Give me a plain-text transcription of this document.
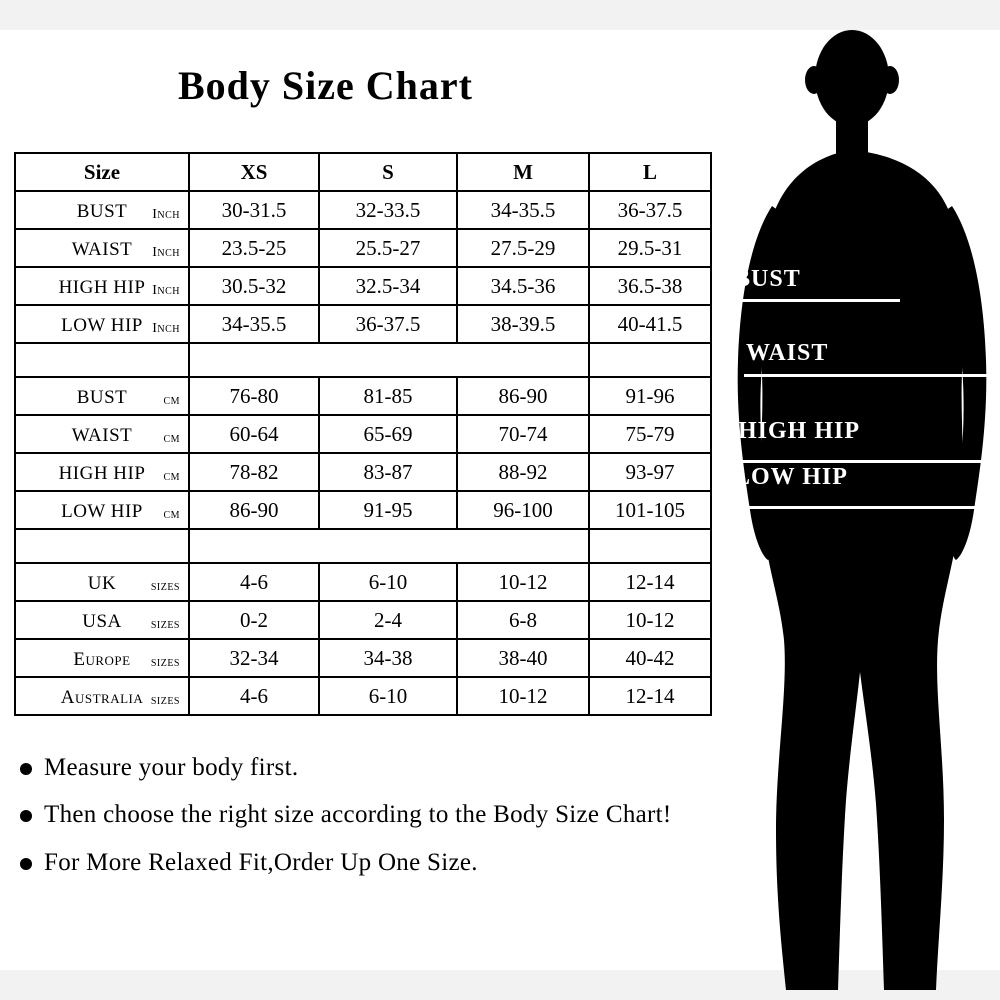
Body Size Chart
Size	XS	S	M	L
BUST Inch	30-31.5	32-33.5	34-35.5	36-37.5
WAIST Inch	23.5-25	25.5-27	27.5-29	29.5-31
HIGH HIP Inch	30.5-32	32.5-34	34.5-36	36.5-38
LOW HIP Inch	34-35.5	36-37.5	38-39.5	40-41.5

BUST cm	76-80	81-85	86-90	91-96
WAIST cm	60-64	65-69	70-74	75-79
HIGH HIP cm	78-82	83-87	88-92	93-97
LOW HIP cm	86-90	91-95	96-100	101-105

UK sizes	4-6	6-10	10-12	12-14
USA sizes	0-2	2-4	6-8	10-12
Europe sizes	32-34	34-38	38-40	40-42
Australia sizes	4-6	6-10	10-12	12-14
Measure your body first.
Then choose the right size according to the Body Size Chart!
For More Relaxed Fit,Order Up One Size.
BUST
WAIST
HIGH HIP
LOW HIP
